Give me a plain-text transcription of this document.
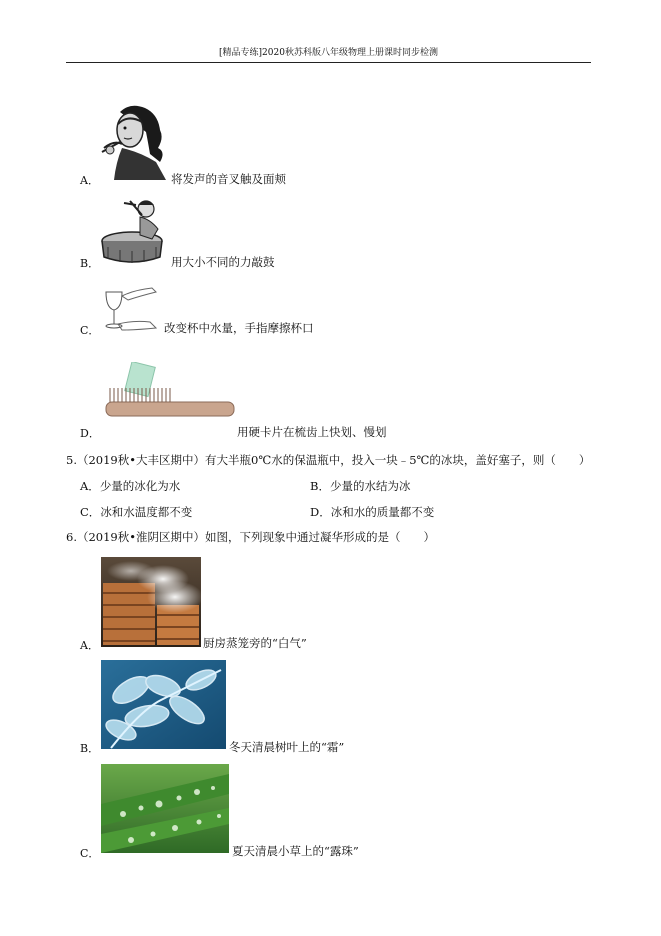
[精品专练]2020秋苏科版八年级物理上册课时同步检测
A．	将发声的音叉触及面颊
B．	用大小不同的力敲鼓
C．	改变杯中水量，手指摩擦杯口
D．	用硬卡片在梳齿上快划、慢划
5.（2019秋•大丰区期中）有大半瓶0℃水的保温瓶中，投入一块﹣5℃的冰块，盖好塞子，则（　　）
A．少量的冰化为水	B．少量的水结为冰
C．冰和水温度都不变	D．冰和水的质量都不变
6.（2019秋•淮阴区期中）如图，下列现象中通过凝华形成的是（　　）
A．	厨房蒸笼旁的“白气”
B．	冬天清晨树叶上的“霜”
C．	夏天清晨小草上的“露珠”
